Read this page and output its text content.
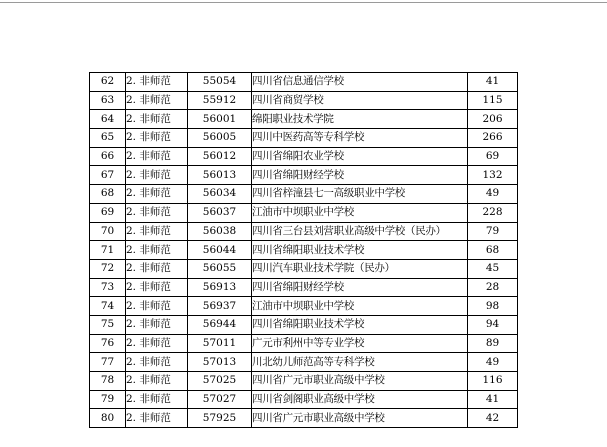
62	2. 非师范	55054	四川省信息通信学校	41
63	2. 非师范	55912	四川省商贸学校	115
64	2. 非师范	56001	绵阳职业技术学院	206
65	2. 非师范	56005	四川中医药高等专科学校	266
66	2. 非师范	56012	四川省绵阳农业学校	69
67	2. 非师范	56013	四川省绵阳财经学校	132
68	2. 非师范	56034	四川省梓潼县七一高级职业中学校	49
69	2. 非师范	56037	江油市中坝职业中学校	228
70	2. 非师范	56038	四川省三台县刘营职业高级中学校（民办）	79
71	2. 非师范	56044	四川省绵阳职业技术学校	68
72	2. 非师范	56055	四川汽车职业技术学院（民办）	45
73	2. 非师范	56913	四川省绵阳财经学校	28
74	2. 非师范	56937	江油市中坝职业中学校	98
75	2. 非师范	56944	四川省绵阳职业技术学校	94
76	2. 非师范	57011	广元市利州中等专业学校	89
77	2. 非师范	57013	川北幼儿师范高等专科学校	49
78	2. 非师范	57025	四川省广元市职业高级中学校	116
79	2. 非师范	57027	四川省剑阁职业高级中学校	41
80	2. 非师范	57925	四川省广元市职业高级中学校	42
